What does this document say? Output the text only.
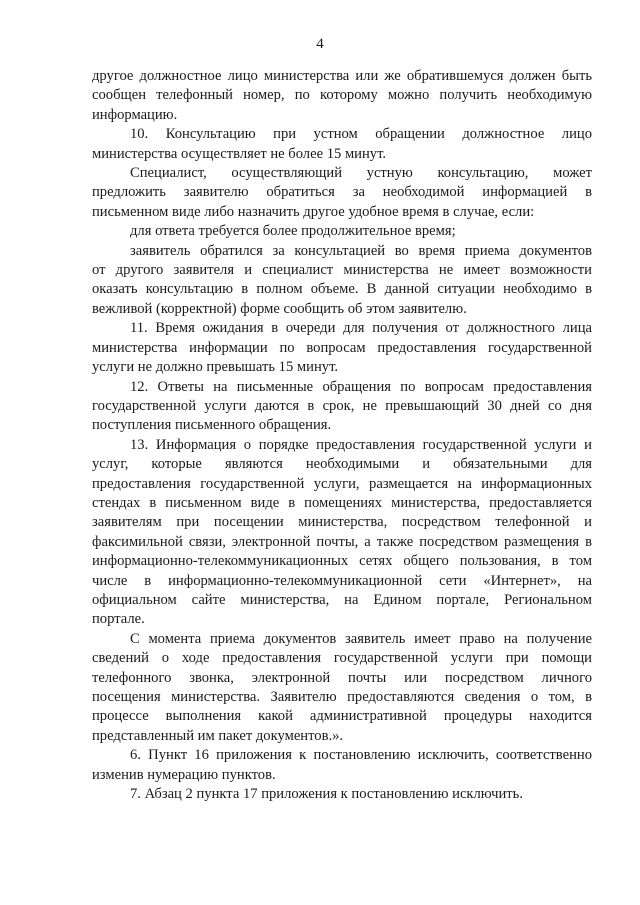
4
другое должностное лицо министерства или же обратившемуся должен быть
сообщен телефонный номер, по которому можно получить необходимую
информацию.
10. Консультацию при устном обращении должностное лицо
министерства осуществляет не более 15 минут.
Специалист, осуществляющий устную консультацию, может
предложить заявителю обратиться за необходимой информацией в
письменном виде либо назначить другое удобное время в случае, если:
для ответа требуется более продолжительное время;
заявитель обратился за консультацией во время приема документов
от другого заявителя и специалист министерства не имеет возможности
оказать консультацию в полном объеме. В данной ситуации необходимо в
вежливой (корректной) форме сообщить об этом заявителю.
11. Время ожидания в очереди для получения от должностного лица
министерства информации по вопросам предоставления государственной
услуги не должно превышать 15 минут.
12. Ответы на письменные обращения по вопросам предоставления
государственной услуги даются в срок, не превышающий 30 дней со дня
поступления письменного обращения.
13. Информация о порядке предоставления государственной услуги и
услуг, которые являются необходимыми и обязательными для
предоставления государственной услуги, размещается на информационных
стендах в письменном виде в помещениях министерства, предоставляется
заявителям при посещении министерства, посредством телефонной и
факсимильной связи, электронной почты, а также посредством размещения в
информационно-телекоммуникационных сетях общего пользования, в том
числе в информационно-телекоммуникационной сети «Интернет», на
официальном сайте министерства, на Едином портале, Региональном
портале.
С момента приема документов заявитель имеет право на получение
сведений о ходе предоставления государственной услуги при помощи
телефонного звонка, электронной почты или посредством личного
посещения министерства. Заявителю предоставляются сведения о том, в
процессе выполнения какой административной процедуры находится
представленный им пакет документов.».
6. Пункт 16 приложения к постановлению исключить, соответственно
изменив нумерацию пунктов.
7. Абзац 2 пункта 17 приложения к постановлению исключить.
